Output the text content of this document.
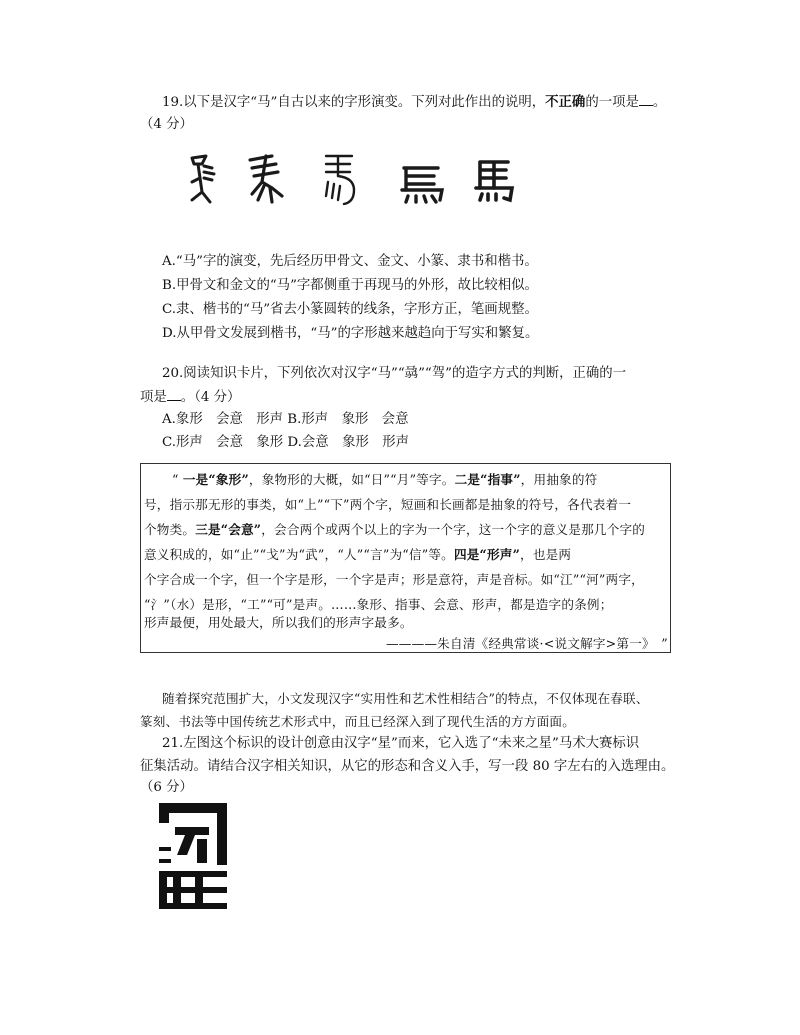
19.以下是汉字“马”自古以来的字形演变。下列对此作出的说明，不正确的一项是 。
（4 分）
A.“马”字的演变，先后经历甲骨文、金文、小篆、隶书和楷书。
B.甲骨文和金文的“马”字都侧重于再现马的外形，故比较相似。
C.隶、楷书的“马”省去小篆圆转的线条，字形方正，笔画规整。
D.从甲骨文发展到楷书，“马”的字形越来越趋向于写实和繁复。
20.阅读知识卡片，下列依次对汉字“马”“骉”“驾”的造字方式的判断，正确的一
项是 。（4 分）
A.象形　会意　形声 B.形声　象形　会意
C.形声　会意　象形 D.会意　象形　形声
“ 一是“象形”，象物形的大概，如“日”“月”等字。二是“指事”，用抽象的符
号，指示那无形的事类，如“上”“下”两个字，短画和长画都是抽象的符号，各代表着一
个物类。三是“会意”，会合两个或两个以上的字为一个字，这一个字的意义是那几个字的
意义积成的，如“止”“戈”为“武”，“人”“言”为“信”等。四是“形声”，也是两
个字合成一个字，但一个字是形，一个字是声；形是意符，声是音标。如“江”“河”两字，
“氵”（水）是形，“工”“可”是声。……象形、指事、会意、形声，都是造字的条例；
形声最便，用处最大，所以我们的形声字最多。
————朱自清《经典常谈·<说文解字>第一》　”
随着探究范围扩大，小文发现汉字“实用性和艺术性相结合”的特点，不仅体现在春联、
篆刻、书法等中国传统艺术形式中，而且已经深入到了现代生活的方方面面。
21.左图这个标识的设计创意由汉字“星”而来，它入选了“未来之星”马术大赛标识
征集活动。请结合汉字相关知识，从它的形态和含义入手，写一段 80 字左右的入选理由。
（6 分）
